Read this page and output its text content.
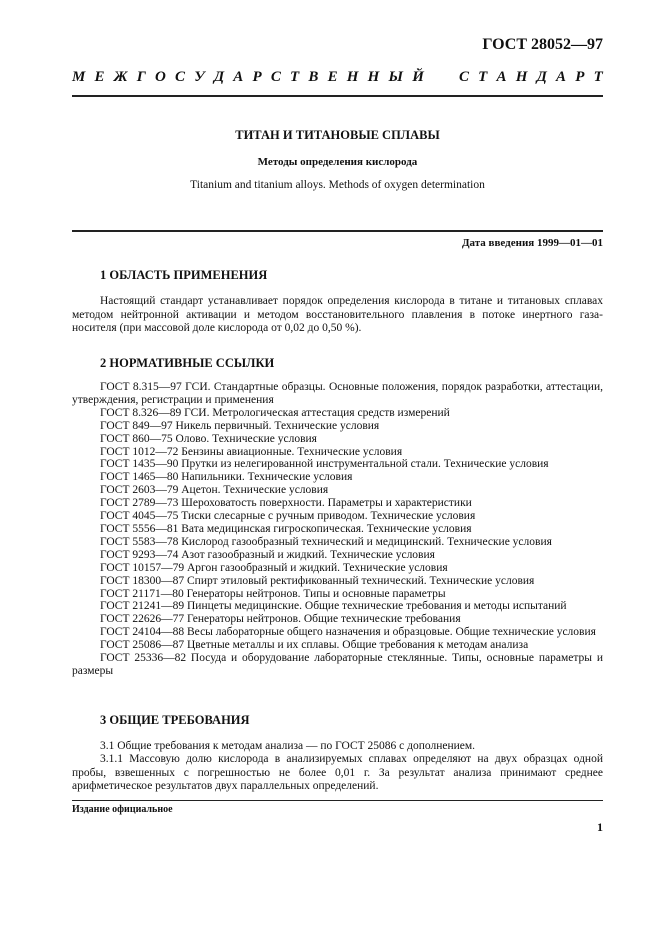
ГОСТ 28052—97
М Е Ж Г О С У Д А Р С Т В Е Н Н Ы Й

С Т А Н Д А Р Т
ТИТАН И ТИТАНОВЫЕ СПЛАВЫ
Методы определения кислорода
Titanium and titanium alloys. Methods of oxygen determination
Дата введения 1999—01—01
1 ОБЛАСТЬ ПРИМЕНЕНИЯ
Настоящий стандарт устанавливает порядок определения кислорода в титане и титановых сплавах методом нейтронной активации и методом восстановительного плавления в потоке инертного газа-носителя (при массовой доле кислорода от 0,02 до 0,50 %).
2 НОРМАТИВНЫЕ ССЫЛКИ
ГОСТ 8.315—97 ГСИ. Стандартные образцы. Основные положения, порядок разработки, аттестации, утверждения, регистрации и применения
ГОСТ 8.326—89 ГСИ. Метрологическая аттестация средств измерений
ГОСТ 849—97 Никель первичный. Технические условия
ГОСТ 860—75 Олово. Технические условия
ГОСТ 1012—72 Бензины авиационные. Технические условия
ГОСТ 1435—90 Прутки из нелегированной инструментальной стали. Технические условия
ГОСТ 1465—80 Напильники. Технические условия
ГОСТ 2603—79 Ацетон. Технические условия
ГОСТ 2789—73 Шероховатость поверхности. Параметры и характеристики
ГОСТ 4045—75 Тиски слесарные с ручным приводом. Технические условия
ГОСТ 5556—81 Вата медицинская гигроскопическая. Технические условия
ГОСТ 5583—78 Кислород газообразный технический и медицинский. Технические условия
ГОСТ 9293—74 Азот газообразный и жидкий. Технические условия
ГОСТ 10157—79 Аргон газообразный и жидкий. Технические условия
ГОСТ 18300—87 Спирт этиловый ректификованный технический. Технические условия
ГОСТ 21171—80 Генераторы нейтронов. Типы и основные параметры
ГОСТ 21241—89 Пинцеты медицинские. Общие технические требования и методы испытаний
ГОСТ 22626—77 Генераторы нейтронов. Общие технические требования
ГОСТ 24104—88 Весы лабораторные общего назначения и образцовые. Общие технические условия
ГОСТ 25086—87 Цветные металлы и их сплавы. Общие требования к методам анализа
ГОСТ 25336—82 Посуда и оборудование лабораторные стеклянные. Типы, основные параметры и размеры
3 ОБЩИЕ ТРЕБОВАНИЯ
3.1 Общие требования к методам анализа — по ГОСТ 25086 с дополнением.
3.1.1 Массовую долю кислорода в анализируемых сплавах определяют на двух образцах одной пробы, взвешенных с погрешностью не более 0,01 г. За результат анализа принимают среднее арифметическое результатов двух параллельных определений.
Издание официальное
1
